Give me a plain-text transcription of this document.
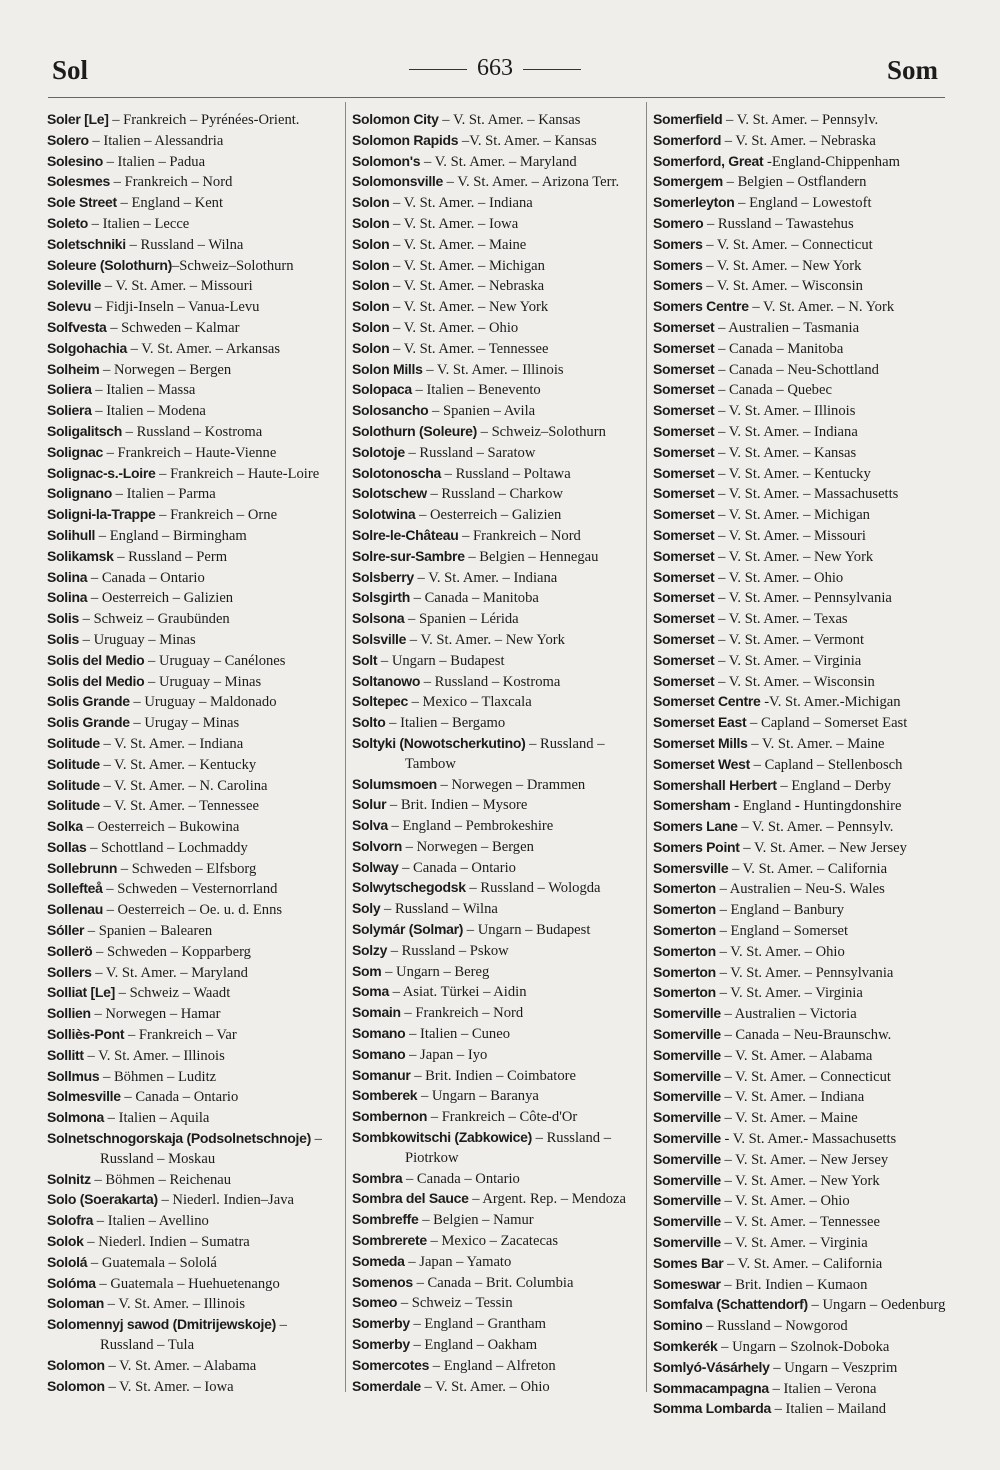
Sol	663	Som
Soler [Le] – Frankreich – Pyrénées-Orient.
Solero – Italien – Alessandria
Solesino – Italien – Padua
Solesmes – Frankreich – Nord
Sole Street – England – Kent
Soleto – Italien – Lecce
Soletschniki – Russland – Wilna
Soleure (Solothurn)–Schweiz–Solothurn
Soleville – V. St. Amer. – Missouri
Solevu – Fidji-Inseln – Vanua-Levu
Solfvesta – Schweden – Kalmar
Solgohachia – V. St. Amer. – Arkansas
Solheim – Norwegen – Bergen
Soliera – Italien – Massa
Soliera – Italien – Modena
Soligalitsch – Russland – Kostroma
Solignac – Frankreich – Haute-Vienne
Solignac-s.-Loire – Frankreich – Haute-Loire
Solignano – Italien – Parma
Soligni-la-Trappe – Frankreich – Orne
Solihull – England – Birmingham
Solikamsk – Russland – Perm
Solina – Canada – Ontario
Solina – Oesterreich – Galizien
Solis – Schweiz – Graubünden
Solis – Uruguay – Minas
Solis del Medio – Uruguay – Canélones
Solis del Medio – Uruguay – Minas
Solis Grande – Uruguay – Maldonado
Solis Grande – Urugay – Minas
Solitude – V. St. Amer. – Indiana
Solitude – V. St. Amer. – Kentucky
Solitude – V. St. Amer. – N. Carolina
Solitude – V. St. Amer. – Tennessee
Solka – Oesterreich – Bukowina
Sollas – Schottland – Lochmaddy
Sollebrunn – Schweden – Elfsborg
Sollefteå – Schweden – Vesternorrland
Sollenau – Oesterreich – Oe. u. d. Enns
Sóller – Spanien – Balearen
Sollerö – Schweden – Kopparberg
Sollers – V. St. Amer. – Maryland
Solliat [Le] – Schweiz – Waadt
Sollien – Norwegen – Hamar
Solliès-Pont – Frankreich – Var
Sollitt – V. St. Amer. – Illinois
Sollmus – Böhmen – Luditz
Solmesville – Canada – Ontario
Solmona – Italien – Aquila
Solnetschnogorskaja (Podsolnetschnoje) – Russland – Moskau
Solnitz – Böhmen – Reichenau
Solo (Soerakarta) – Niederl. Indien–Java
Solofra – Italien – Avellino
Solok – Niederl. Indien – Sumatra
Sololá – Guatemala – Sololá
Solóma – Guatemala – Huehuetenango
Soloman – V. St. Amer. – Illinois
Solomennyj sawod (Dmitrijewskoje) – Russland – Tula
Solomon – V. St. Amer. – Alabama
Solomon – V. St. Amer. – Iowa
Solomon City – V. St. Amer. – Kansas
Solomon Rapids –V. St. Amer. – Kansas
Solomon's – V. St. Amer. – Maryland
Solomonsville – V. St. Amer. – Arizona Terr.
Solon – V. St. Amer. – Indiana
Solon – V. St. Amer. – Iowa
Solon – V. St. Amer. – Maine
Solon – V. St. Amer. – Michigan
Solon – V. St. Amer. – Nebraska
Solon – V. St. Amer. – New York
Solon – V. St. Amer. – Ohio
Solon – V. St. Amer. – Tennessee
Solon Mills – V. St. Amer. – Illinois
Solopaca – Italien – Benevento
Solosancho – Spanien – Avila
Solothurn (Soleure) – Schweiz–Solothurn
Solotoje – Russland – Saratow
Solotonoscha – Russland – Poltawa
Solotschew – Russland – Charkow
Solotwina – Oesterreich – Galizien
Solre-le-Château – Frankreich – Nord
Solre-sur-Sambre – Belgien – Hennegau
Solsberry – V. St. Amer. – Indiana
Solsgirth – Canada – Manitoba
Solsona – Spanien – Lérida
Solsville – V. St. Amer. – New York
Solt – Ungarn – Budapest
Soltanowo – Russland – Kostroma
Soltepec – Mexico – Tlaxcala
Solto – Italien – Bergamo
Soltyki (Nowotscherkutino) – Russland – Tambow
Solumsmoen – Norwegen – Drammen
Solur – Brit. Indien – Mysore
Solva – England – Pembrokeshire
Solvorn – Norwegen – Bergen
Solway – Canada – Ontario
Solwytschegodsk – Russland – Wologda
Soly – Russland – Wilna
Solymár (Solmar) – Ungarn – Budapest
Solzy – Russland – Pskow
Som – Ungarn – Bereg
Soma – Asiat. Türkei – Aidin
Somain – Frankreich – Nord
Somano – Italien – Cuneo
Somano – Japan – Iyo
Somanur – Brit. Indien – Coimbatore
Somberek – Ungarn – Baranya
Sombernon – Frankreich – Côte-d'Or
Sombkowitschi (Zabkowice) – Russland – Piotrkow
Sombra – Canada – Ontario
Sombra del Sauce – Argent. Rep. – Mendoza
Sombreffe – Belgien – Namur
Sombrerete – Mexico – Zacatecas
Someda – Japan – Yamato
Somenos – Canada – Brit. Columbia
Someo – Schweiz – Tessin
Somerby – England – Grantham
Somerby – England – Oakham
Somercotes – England – Alfreton
Somerdale – V. St. Amer. – Ohio
Somerfield – V. St. Amer. – Pennsylv.
Somerford – V. St. Amer. – Nebraska
Somerford, Great -England-Chippenham
Somergem – Belgien – Ostflandern
Somerleyton – England – Lowestoft
Somero – Russland – Tawastehus
Somers – V. St. Amer. – Connecticut
Somers – V. St. Amer. – New York
Somers – V. St. Amer. – Wisconsin
Somers Centre – V. St. Amer. – N. York
Somerset – Australien – Tasmania
Somerset – Canada – Manitoba
Somerset – Canada – Neu-Schottland
Somerset – Canada – Quebec
Somerset – V. St. Amer. – Illinois
Somerset – V. St. Amer. – Indiana
Somerset – V. St. Amer. – Kansas
Somerset – V. St. Amer. – Kentucky
Somerset – V. St. Amer. – Massachusetts
Somerset – V. St. Amer. – Michigan
Somerset – V. St. Amer. – Missouri
Somerset – V. St. Amer. – New York
Somerset – V. St. Amer. – Ohio
Somerset – V. St. Amer. – Pennsylvania
Somerset – V. St. Amer. – Texas
Somerset – V. St. Amer. – Vermont
Somerset – V. St. Amer. – Virginia
Somerset – V. St. Amer. – Wisconsin
Somerset Centre -V. St. Amer.-Michigan
Somerset East – Capland – Somerset East
Somerset Mills – V. St. Amer. – Maine
Somerset West – Capland – Stellenbosch
Somershall Herbert – England – Derby
Somersham - England - Huntingdonshire
Somers Lane – V. St. Amer. – Pennsylv.
Somers Point – V. St. Amer. – New Jersey
Somersville – V. St. Amer. – California
Somerton – Australien – Neu-S. Wales
Somerton – England – Banbury
Somerton – England – Somerset
Somerton – V. St. Amer. – Ohio
Somerton – V. St. Amer. – Pennsylvania
Somerton – V. St. Amer. – Virginia
Somerville – Australien – Victoria
Somerville – Canada – Neu-Braunschw.
Somerville – V. St. Amer. – Alabama
Somerville – V. St. Amer. – Connecticut
Somerville – V. St. Amer. – Indiana
Somerville – V. St. Amer. – Maine
Somerville - V. St. Amer.- Massachusetts
Somerville – V. St. Amer. – New Jersey
Somerville – V. St. Amer. – New York
Somerville – V. St. Amer. – Ohio
Somerville – V. St. Amer. – Tennessee
Somerville – V. St. Amer. – Virginia
Somes Bar – V. St. Amer. – California
Someswar – Brit. Indien – Kumaon
Somfalva (Schattendorf) – Ungarn – Oedenburg
Somino – Russland – Nowgorod
Somkerék – Ungarn – Szolnok-Doboka
Somlyó-Vásárhely – Ungarn – Veszprim
Sommacampagna – Italien – Verona
Somma Lombarda – Italien – Mailand
